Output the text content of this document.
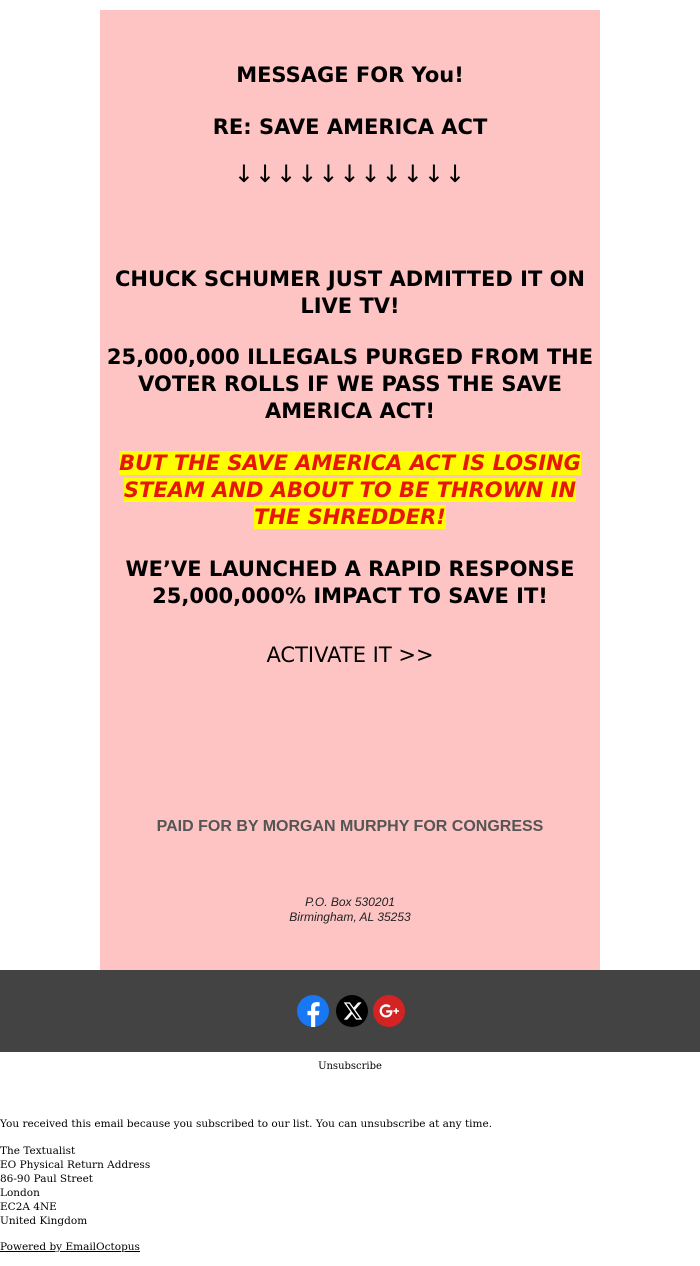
MESSAGE FOR You!
RE: SAVE AMERICA ACT
↓↓↓↓↓↓↓↓↓↓↓

CHUCK SCHUMER JUST ADMITTED IT ON LIVE TV!

25,000,000 ILLEGALS PURGED FROM THE VOTER ROLLS IF WE PASS THE SAVE AMERICA ACT!

BUT THE SAVE AMERICA ACT IS LOSING STEAM AND ABOUT TO BE THROWN IN THE SHREDDER!

WE’VE LAUNCHED A RAPID RESPONSE 25,000,000% IMPACT TO SAVE IT!

ACTIVATE IT >>

PAID FOR BY MORGAN MURPHY FOR CONGRESS

P.O. Box 530201
Birmingham, AL 35253
Unsubscribe
You received this email because you subscribed to our list. You can unsubscribe at any time.
The Textualist
EO Physical Return Address
86-90 Paul Street
London
EC2A 4NE
United Kingdom
Powered by EmailOctopus
